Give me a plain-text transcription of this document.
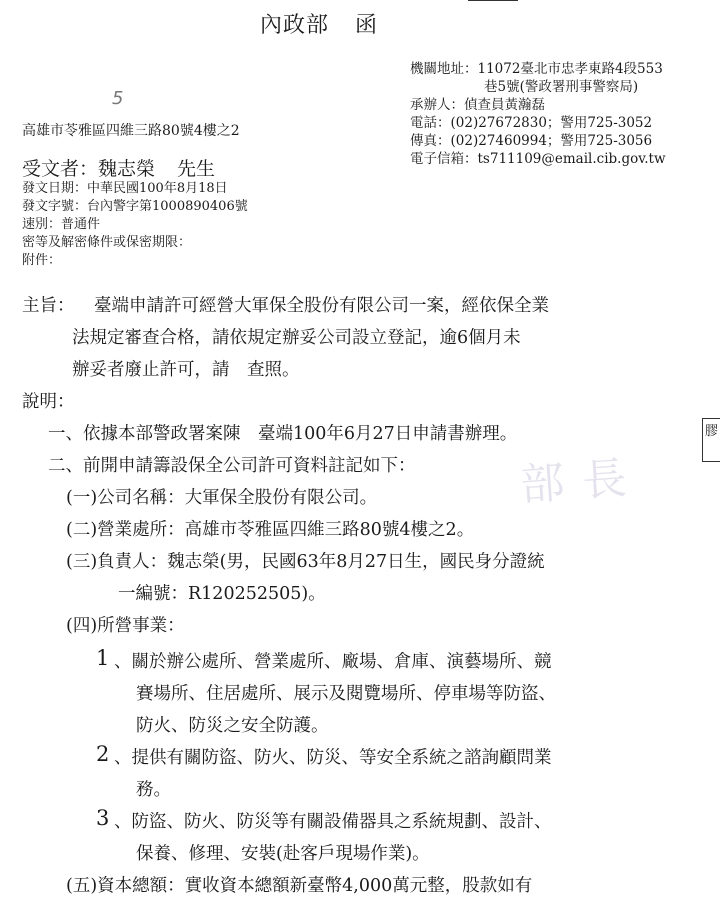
內政部 函
機關地址：11072臺北市忠孝東路4段553
巷5號(警政署刑事警察局)
承辦人：偵查員黃瀚磊
電話：(02)27672830；警用725-3052
傳真：(02)27460994；警用725-3056
電子信箱：ts711109@email.cib.gov.tw
5
高雄市苓雅區四維三路80號4樓之2
受文者：魏志榮 先生
發文日期：中華民國100年8月18日
發文字號：台內警字第1000890406號
速別：普通件
密等及解密條件或保密期限：
附件：
主旨： 臺端申請許可經營大軍保全股份有限公司一案，經依保全業
法規定審查合格，請依規定辦妥公司設立登記，逾6個月未
辦妥者廢止許可，請　查照。
說明：
一、依據本部警政署案陳　臺端100年6月27日申請書辦理。
二、前開申請籌設保全公司許可資料註記如下：
(一)公司名稱：大軍保全股份有限公司。
(二)營業處所：高雄市苓雅區四維三路80號4樓之2。
(三)負責人：魏志榮(男，民國63年8月27日生，國民身分證統
一編號：R120252505)。
(四)所營事業：
1 、關於辦公處所、營業處所、廠場、倉庫、演藝場所、競
賽場所、住居處所、展示及閱覽場所、停車場等防盜、
防火、防災之安全防護。
2 、提供有關防盜、防火、防災、等安全系統之諮詢顧問業
務。
3 、防盜、防火、防災等有關設備器具之系統規劃、設計、
保養、修理、安裝(赴客戶現場作業)。
(五)資本總額：實收資本總額新臺幣4,000萬元整，股款如有
部長
膠
